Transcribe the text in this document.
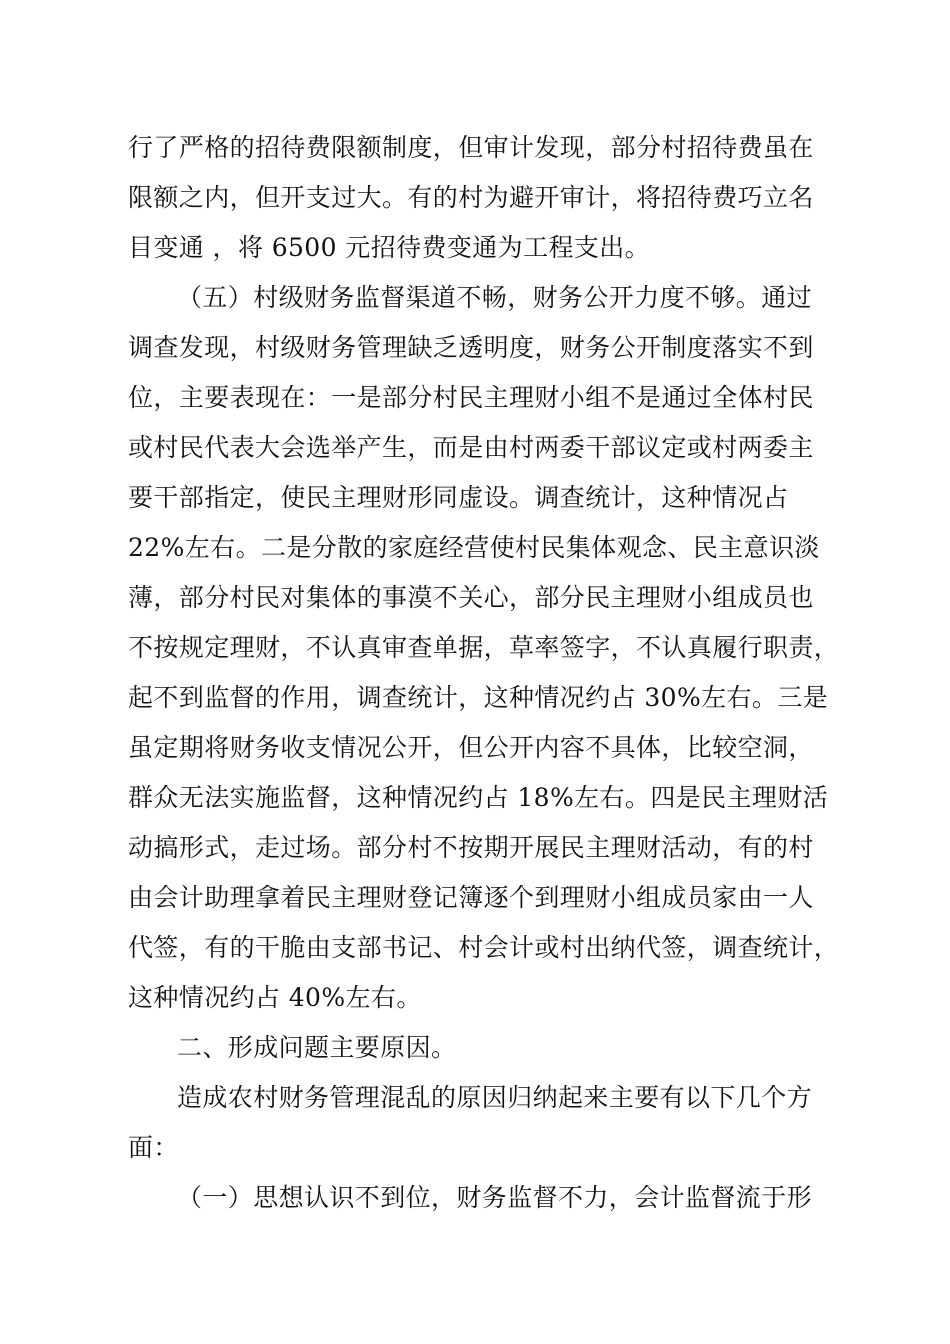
行了严格的招待费限额制度，但审计发现，部分村招待费虽在
限额之内，但开支过大。有的村为避开审计，将招待费巧立名
目变通 ，将 6500 元招待费变通为工程支出。
（五）村级财务监督渠道不畅，财务公开力度不够。通过
调查发现，村级财务管理缺乏透明度，财务公开制度落实不到
位，主要表现在：一是部分村民主理财小组不是通过全体村民
或村民代表大会选举产生，而是由村两委干部议定或村两委主
要干部指定，使民主理财形同虚设。调查统计，这种情况占
22%左右。二是分散的家庭经营使村民集体观念、民主意识淡
薄，部分村民对集体的事漠不关心，部分民主理财小组成员也
不按规定理财，不认真审查单据，草率签字，不认真履行职责，
起不到监督的作用，调查统计，这种情况约占 30%左右。三是
虽定期将财务收支情况公开，但公开内容不具体，比较空洞，
群众无法实施监督，这种情况约占 18%左右。四是民主理财活
动搞形式，走过场。部分村不按期开展民主理财活动，有的村
由会计助理拿着民主理财登记簿逐个到理财小组成员家由一人
代签，有的干脆由支部书记、村会计或村出纳代签，调查统计，
这种情况约占 40%左右。
二、形成问题主要原因。
造成农村财务管理混乱的原因归纳起来主要有以下几个方
面：
（一）思想认识不到位，财务监督不力，会计监督流于形
